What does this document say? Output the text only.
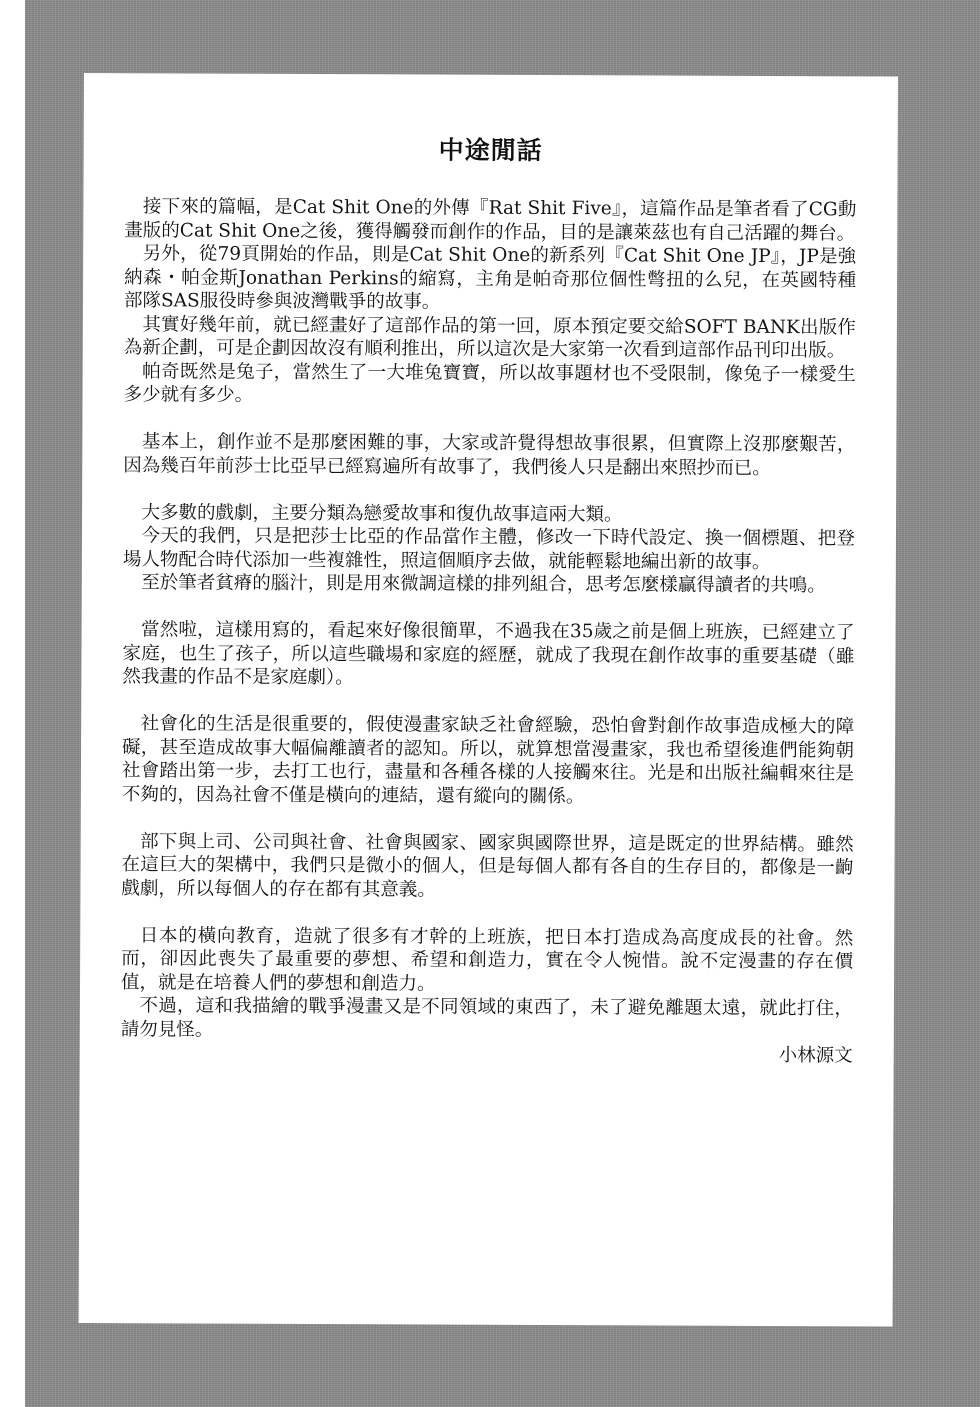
中途閒話

接下來的篇幅，是Cat Shit One的外傳『Rat Shit Five』，這篇作品是筆者看了CG動畫版的Cat Shit One之後，獲得觸發而創作的作品，目的是讓萊茲也有自己活躍的舞台。

另外，從79頁開始的作品，則是Cat Shit One的新系列『Cat Shit One JP』，JP是強納森・帕金斯Jonathan Perkins的縮寫，主角是帕奇那位個性彆扭的么兒，在英國特種部隊SAS服役時參與波灣戰爭的故事。

其實好幾年前，就已經畫好了這部作品的第一回，原本預定要交給SOFT BANK出版作為新企劃，可是企劃因故沒有順利推出，所以這次是大家第一次看到這部作品刊印出版。

帕奇既然是兔子，當然生了一大堆兔寶寶，所以故事題材也不受限制，像兔子一樣愛生多少就有多少。

基本上，創作並不是那麼困難的事，大家或許覺得想故事很累，但實際上沒那麼艱苦，因為幾百年前莎士比亞早已經寫遍所有故事了，我們後人只是翻出來照抄而已。

大多數的戲劇，主要分類為戀愛故事和復仇故事這兩大類。

今天的我們，只是把莎士比亞的作品當作主體，修改一下時代設定、換一個標題、把登場人物配合時代添加一些複雜性，照這個順序去做，就能輕鬆地編出新的故事。

至於筆者貧瘠的腦汁，則是用來微調這樣的排列組合，思考怎麼樣贏得讀者的共鳴。

當然啦，這樣用寫的，看起來好像很簡單，不過我在35歲之前是個上班族，已經建立了家庭，也生了孩子，所以這些職場和家庭的經歷，就成了我現在創作故事的重要基礎（雖然我畫的作品不是家庭劇）。

社會化的生活是很重要的，假使漫畫家缺乏社會經驗，恐怕會對創作故事造成極大的障礙，甚至造成故事大幅偏離讀者的認知。所以，就算想當漫畫家，我也希望後進們能夠朝社會踏出第一步，去打工也行，盡量和各種各樣的人接觸來往。光是和出版社編輯來往是不夠的，因為社會不僅是橫向的連結，還有縱向的關係。

部下與上司、公司與社會、社會與國家、國家與國際世界，這是既定的世界結構。雖然在這巨大的架構中，我們只是微小的個人，但是每個人都有各自的生存目的，都像是一齣戲劇，所以每個人的存在都有其意義。

日本的橫向教育，造就了很多有才幹的上班族，把日本打造成為高度成長的社會。然而，卻因此喪失了最重要的夢想、希望和創造力，實在令人惋惜。說不定漫畫的存在價值，就是在培養人們的夢想和創造力。

不過，這和我描繪的戰爭漫畫又是不同領域的東西了，未了避免離題太遠，就此打住，請勿見怪。

小林源文
